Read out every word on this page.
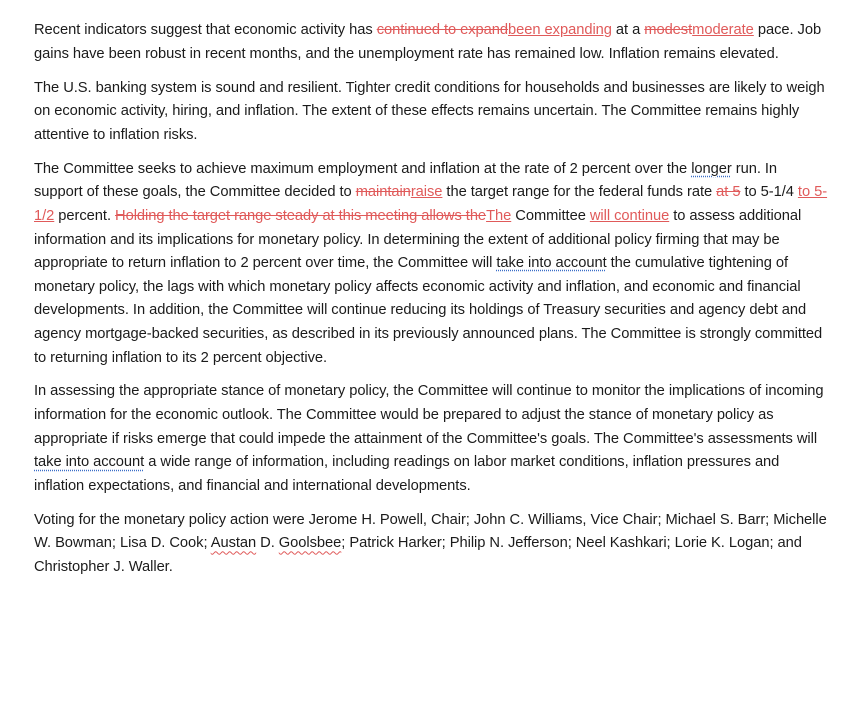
Recent indicators suggest that economic activity has continued to expandbeen expanding at a modestmoderate pace. Job gains have been robust in recent months, and the unemployment rate has remained low. Inflation remains elevated.

The U.S. banking system is sound and resilient. Tighter credit conditions for households and businesses are likely to weigh on economic activity, hiring, and inflation. The extent of these effects remains uncertain. The Committee remains highly attentive to inflation risks.

The Committee seeks to achieve maximum employment and inflation at the rate of 2 percent over the longer run. In support of these goals, the Committee decided to maintainraise the target range for the federal funds rate at 5 to 5-1/4 to 5-1/2 percent. Holding the target range steady at this meeting allows theThe Committee will continue to assess additional information and its implications for monetary policy. In determining the extent of additional policy firming that may be appropriate to return inflation to 2 percent over time, the Committee will take into account the cumulative tightening of monetary policy, the lags with which monetary policy affects economic activity and inflation, and economic and financial developments. In addition, the Committee will continue reducing its holdings of Treasury securities and agency debt and agency mortgage-backed securities, as described in its previously announced plans. The Committee is strongly committed to returning inflation to its 2 percent objective.

In assessing the appropriate stance of monetary policy, the Committee will continue to monitor the implications of incoming information for the economic outlook. The Committee would be prepared to adjust the stance of monetary policy as appropriate if risks emerge that could impede the attainment of the Committee's goals. The Committee's assessments will take into account a wide range of information, including readings on labor market conditions, inflation pressures and inflation expectations, and financial and international developments.

Voting for the monetary policy action were Jerome H. Powell, Chair; John C. Williams, Vice Chair; Michael S. Barr; Michelle W. Bowman; Lisa D. Cook; Austan D. Goolsbee; Patrick Harker; Philip N. Jefferson; Neel Kashkari; Lorie K. Logan; and Christopher J. Waller.
